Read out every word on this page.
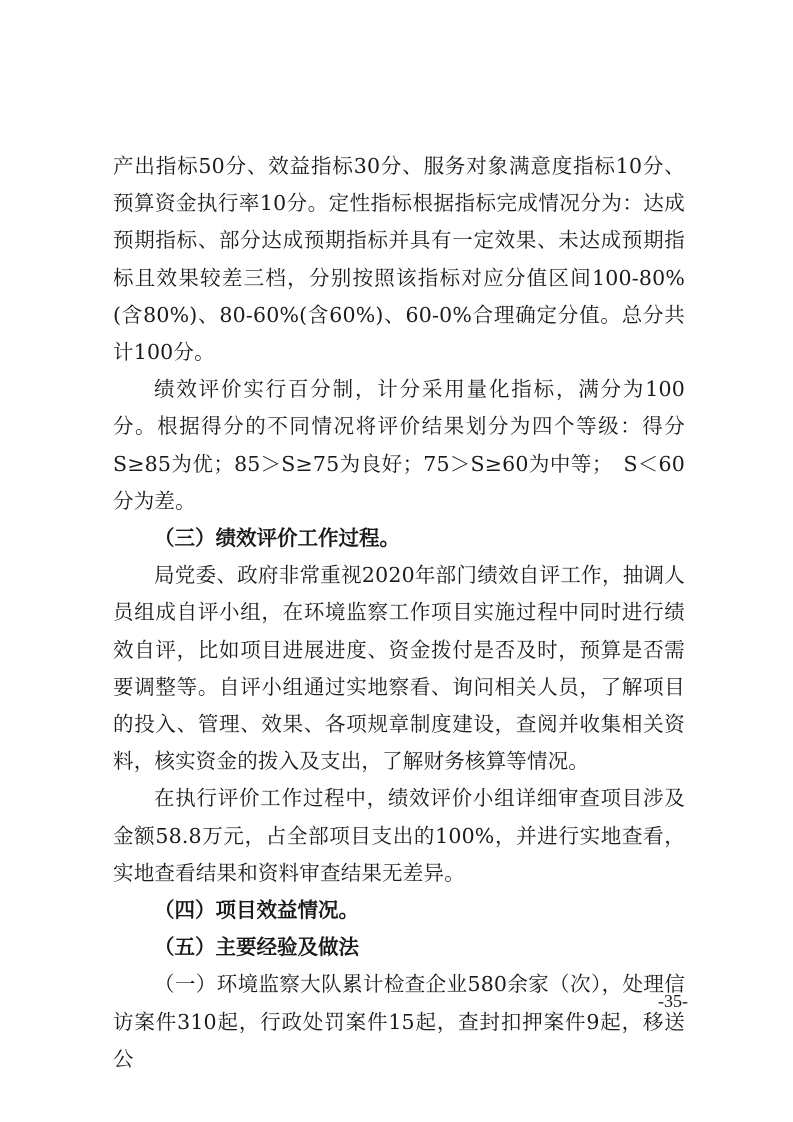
产出指标50分、效益指标30分、服务对象满意度指标10分、预算资金执行率10分。定性指标根据指标完成情况分为：达成预期指标、部分达成预期指标并具有一定效果、未达成预期指标且效果较差三档，分别按照该指标对应分值区间100-80%(含80%)、80-60%(含60%)、60-0%合理确定分值。总分共计100分。

绩效评价实行百分制，计分采用量化指标，满分为100分。根据得分的不同情况将评价结果划分为四个等级：得分S≥85为优；85＞S≥75为良好；75＞S≥60为中等；　S＜60分为差。

（三）绩效评价工作过程。

局党委、政府非常重视2020年部门绩效自评工作，抽调人员组成自评小组，在环境监察工作项目实施过程中同时进行绩效自评，比如项目进展进度、资金拨付是否及时，预算是否需要调整等。自评小组通过实地察看、询问相关人员，了解项目的投入、管理、效果、各项规章制度建设，查阅并收集相关资料，核实资金的拨入及支出，了解财务核算等情况。

在执行评价工作过程中，绩效评价小组详细审查项目涉及金额58.8万元，占全部项目支出的100%，并进行实地查看，实地查看结果和资料审查结果无差异。

（四）项目效益情况。

（五）主要经验及做法

（一）环境监察大队累计检查企业580余家（次），处理信访案件310起，行政处罚案件15起，查封扣押案件9起，移送公

-35-
